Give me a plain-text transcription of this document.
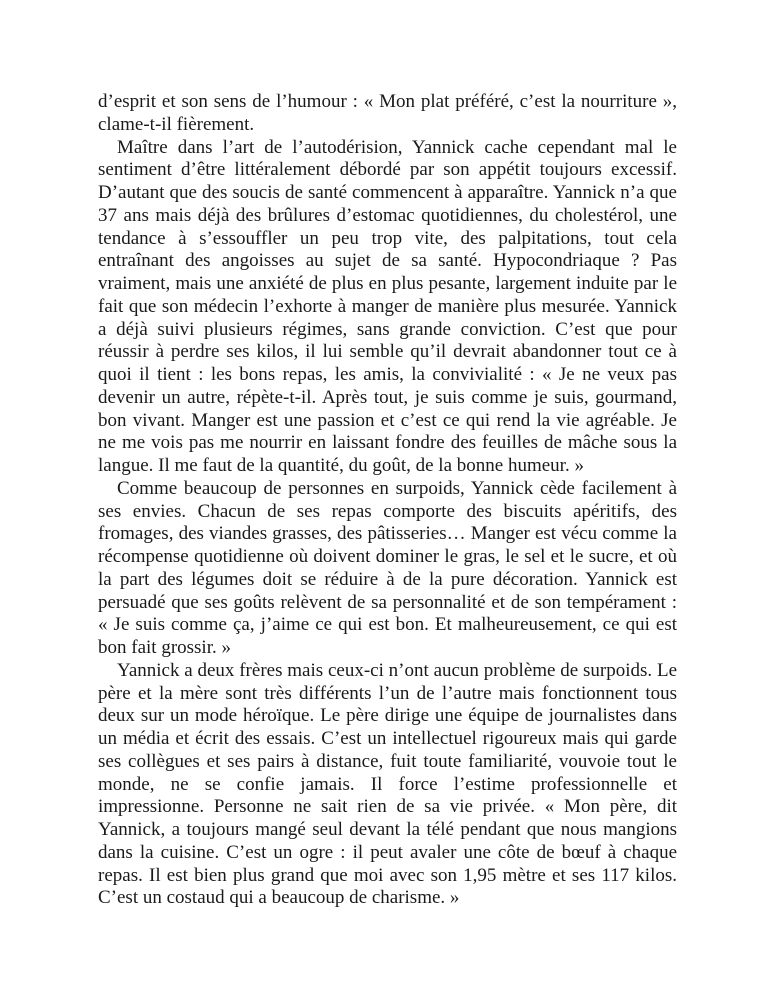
d’esprit et son sens de l’humour : « Mon plat préféré, c’est la nourriture »,
clame-t-il fièrement.

Maître dans l’art de l’autodérision, Yannick cache cependant mal le
sentiment d’être littéralement débordé par son appétit toujours excessif.
D’autant que des soucis de santé commencent à apparaître. Yannick n’a que
37 ans mais déjà des brûlures d’estomac quotidiennes, du cholestérol, une
tendance à s’essouffler un peu trop vite, des palpitations, tout cela
entraînant des angoisses au sujet de sa santé. Hypocondriaque ? Pas
vraiment, mais une anxiété de plus en plus pesante, largement induite par le
fait que son médecin l’exhorte à manger de manière plus mesurée. Yannick
a déjà suivi plusieurs régimes, sans grande conviction. C’est que pour
réussir à perdre ses kilos, il lui semble qu’il devrait abandonner tout ce à
quoi il tient : les bons repas, les amis, la convivialité : « Je ne veux pas
devenir un autre, répète-t-il. Après tout, je suis comme je suis, gourmand,
bon vivant. Manger est une passion et c’est ce qui rend la vie agréable. Je
ne me vois pas me nourrir en laissant fondre des feuilles de mâche sous la
langue. Il me faut de la quantité, du goût, de la bonne humeur. »

Comme beaucoup de personnes en surpoids, Yannick cède facilement à
ses envies. Chacun de ses repas comporte des biscuits apéritifs, des
fromages, des viandes grasses, des pâtisseries… Manger est vécu comme la
récompense quotidienne où doivent dominer le gras, le sel et le sucre, et où
la part des légumes doit se réduire à de la pure décoration. Yannick est
persuadé que ses goûts relèvent de sa personnalité et de son tempérament :
« Je suis comme ça, j’aime ce qui est bon. Et malheureusement, ce qui est
bon fait grossir. »

Yannick a deux frères mais ceux-ci n’ont aucun problème de surpoids. Le
père et la mère sont très différents l’un de l’autre mais fonctionnent tous
deux sur un mode héroïque. Le père dirige une équipe de journalistes dans
un média et écrit des essais. C’est un intellectuel rigoureux mais qui garde
ses collègues et ses pairs à distance, fuit toute familiarité, vouvoie tout le
monde, ne se confie jamais. Il force l’estime professionnelle et
impressionne. Personne ne sait rien de sa vie privée. « Mon père, dit
Yannick, a toujours mangé seul devant la télé pendant que nous mangions
dans la cuisine. C’est un ogre : il peut avaler une côte de bœuf à chaque
repas. Il est bien plus grand que moi avec son 1,95 mètre et ses 117 kilos.
C’est un costaud qui a beaucoup de charisme. »
